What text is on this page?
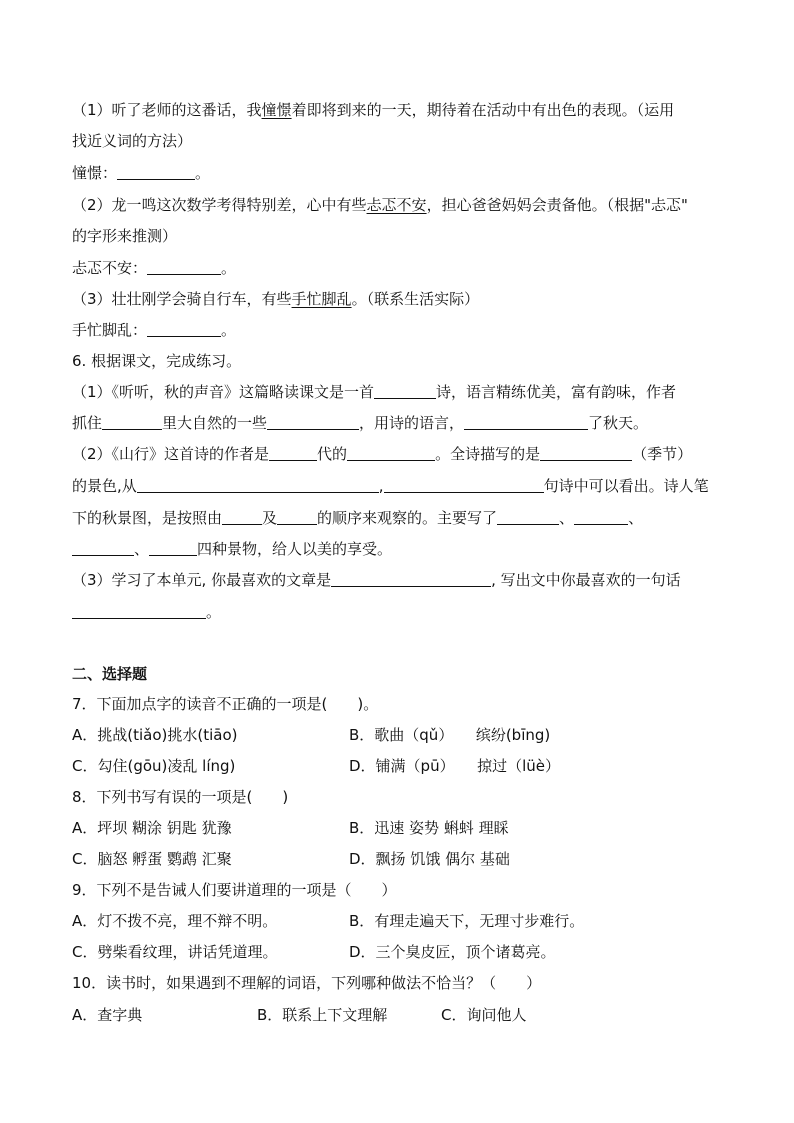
（1）听了老师的这番话，我憧憬着即将到来的一天，期待着在活动中有出色的表现。（运用
找近义词的方法）
憧憬：	。
（2）龙一鸣这次数学考得特别差，心中有些忐忑不安，担心爸爸妈妈会责备他。（根据"忐忑"
的字形来推测）
忐忑不安：	。
（3）壮壮刚学会骑自行车，有些手忙脚乱。（联系生活实际）
手忙脚乱：	。
6. 根据课文，完成练习。
（1）《听听，秋的声音》这篇略读课文是一首	诗，语言精练优美，富有韵味，作者
抓住	里大自然的一些	，用诗的语言，	了秋天。
（2）《山行》这首诗的作者是	代的	。全诗描写的是	（季节）
的景色,从	,	句诗中可以看出。诗人笔
下的秋景图，是按照由	及	的顺序来观察的。主要写了	、	、
、	四种景物，给人以美的享受。
（3）学习了本单元, 你最喜欢的文章是	, 写出文中你最喜欢的一句话
。
二、选择题
7．下面加点字的读音不正确的一项是(　　)。
A．挑战(tiǎo)挑水(tiāo)	B．歌曲（qǔ）　　缤纷(bīng)
C．勾住(gōu)凌乱 líng)	D．铺满（pū）　　掠过（lüè）
8．下列书写有误的一项是(　　)
A．坪坝 糊涂 钥匙 犹豫	B．迅速 姿势 蝌蚪 理睬
C．脑怒 孵蛋 鹦鹉 汇聚	D．飘扬 饥饿 偶尔 基础
9．下列不是告诫人们要讲道理的一项是（　　）
A．灯不拨不亮，理不辩不明。	B．有理走遍天下，无理寸步难行。
C．劈柴看纹理，讲话凭道理。	D．三个臭皮匠，顶个诸葛亮。
10．读书时，如果遇到不理解的词语，下列哪种做法不恰当？（　　）
A．查字典	B．联系上下文理解	C．询问他人
